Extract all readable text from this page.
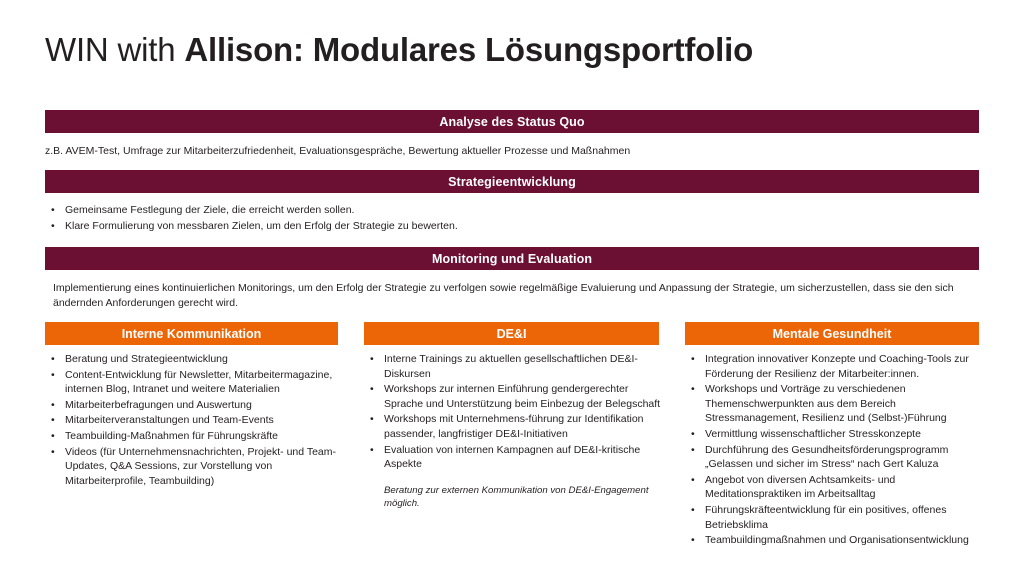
WIN with Allison: Modulares Lösungsportfolio
Analyse des Status Quo
z.B. AVEM-Test, Umfrage zur Mitarbeiterzufriedenheit, Evaluationsgespräche, Bewertung aktueller Prozesse und Maßnahmen
Strategieentwicklung
• Gemeinsame Festlegung der Ziele, die erreicht werden sollen.
• Klare Formulierung von messbaren Zielen, um den Erfolg der Strategie zu bewerten.
Monitoring und Evaluation
Implementierung eines kontinuierlichen Monitorings, um den Erfolg der Strategie zu verfolgen sowie regelmäßige Evaluierung und Anpassung der Strategie, um sicherzustellen, dass sie den sich ändernden Anforderungen gerecht wird.
Interne Kommunikation
• Beratung und Strategieentwicklung
• Content-Entwicklung für Newsletter, Mitarbeitermagazine, internen Blog, Intranet und weitere Materialien
• Mitarbeiterbefragungen und Auswertung
• Mitarbeiterveranstaltungen und Team-Events
• Teambuilding-Maßnahmen für Führungskräfte
• Videos (für Unternehmensnachrichten, Projekt- und Team-Updates, Q&A Sessions, zur Vorstellung von Mitarbeiterprofile, Teambuilding)
DE&I
• Interne Trainings zu aktuellen gesellschaftlichen DE&I-Diskursen
• Workshops zur internen Einführung gendergerechter Sprache und Unterstützung beim Einbezug der Belegschaft
• Workshops mit Unternehmens-führung zur Identifikation passender, langfristiger DE&I-Initiativen
• Evaluation von internen Kampagnen auf DE&I-kritische Aspekte
Beratung zur externen Kommunikation von DE&I-Engagement möglich.
Mentale Gesundheit
• Integration innovativer Konzepte und Coaching-Tools zur Förderung der Resilienz der Mitarbeiter:innen.
• Workshops und Vorträge zu verschiedenen Themenschwerpunkten aus dem Bereich Stressmanagement, Resilienz und (Selbst-)Führung
• Vermittlung wissenschaftlicher Stresskonzepte
• Durchführung des Gesundheitsförderungsprogramm „Gelassen und sicher im Stress“ nach Gert Kaluza
• Angebot von diversen Achtsamkeits- und Meditationspraktiken im Arbeitsalltag
• Führungskräfteentwicklung für ein positives, offenes Betriebsklima
• Teambuildingmaßnahmen und Organisationsentwicklung
